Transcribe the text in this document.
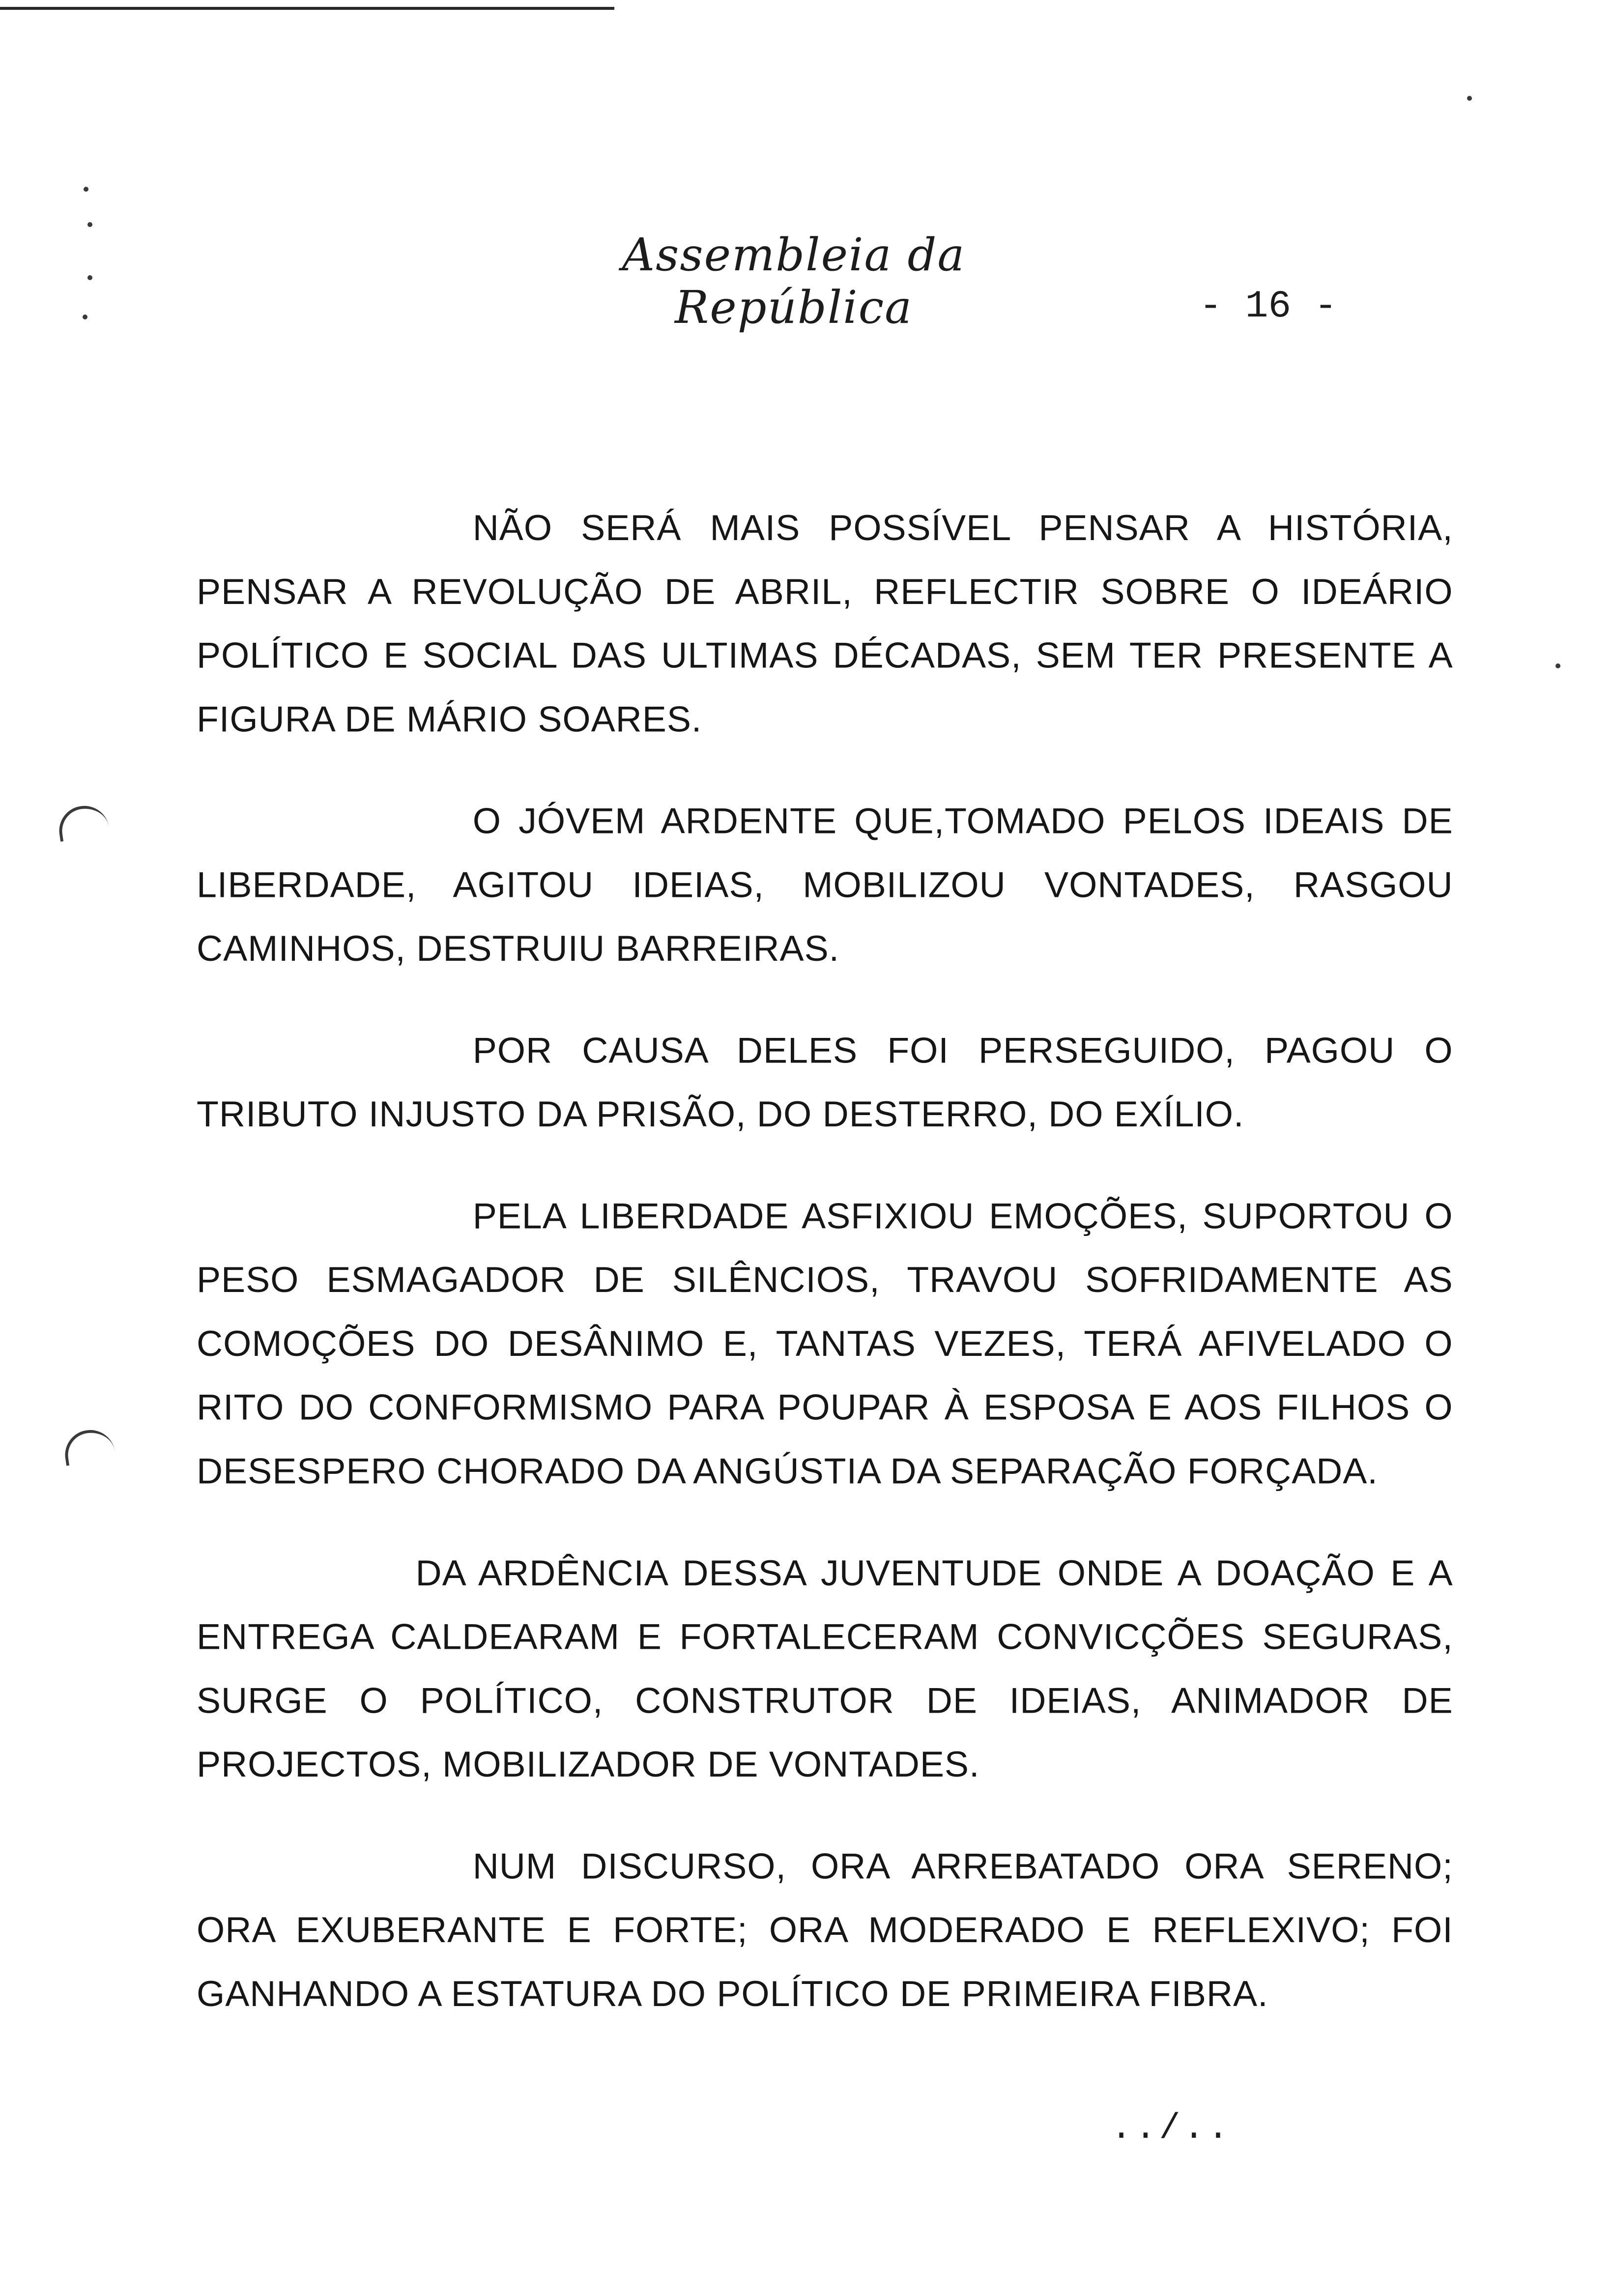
Assembleia da República	- 16 -

NÃO SERÁ MAIS POSSÍVEL PENSAR A HISTÓRIA, PENSAR A REVOLUÇÃO DE ABRIL, REFLECTIR SOBRE O IDEÁRIO POLÍTICO E SOCIAL DAS ULTIMAS DÉCADAS, SEM TER PRESENTE A FIGURA DE MÁRIO SOARES.

O JÓVEM ARDENTE QUE,TOMADO PELOS IDEAIS DE LIBERDADE, AGITOU IDEIAS, MOBILIZOU VONTADES, RASGOU CAMINHOS, DESTRUIU BARREIRAS.

POR CAUSA DELES FOI PERSEGUIDO, PAGOU O TRIBUTO INJUSTO DA PRISÃO, DO DESTERRO, DO EXÍLIO.

PELA LIBERDADE ASFIXIOU EMOÇÕES, SUPORTOU O PESO ESMAGADOR DE SILÊNCIOS, TRAVOU SOFRIDAMENTE AS COMOÇÕES DO DESÂNIMO E, TANTAS VEZES, TERÁ AFIVELADO O RITO DO CONFORMISMO PARA POUPAR À ESPOSA E AOS FILHOS O DESESPERO CHORADO DA ANGÚSTIA DA SEPARAÇÃO FORÇADA.

DA ARDÊNCIA DESSA JUVENTUDE ONDE A DOAÇÃO E A ENTREGA CALDEARAM E FORTALECERAM CONVICÇÕES SEGURAS, SURGE O POLÍTICO, CONSTRUTOR DE IDEIAS, ANIMADOR DE PROJECTOS, MOBILIZADOR DE VONTADES.

NUM DISCURSO, ORA ARREBATADO ORA SERENO; ORA EXUBERANTE E FORTE; ORA MODERADO E REFLEXIVO; FOI GANHANDO A ESTATURA DO POLÍTICO DE PRIMEIRA FIBRA.

../..
